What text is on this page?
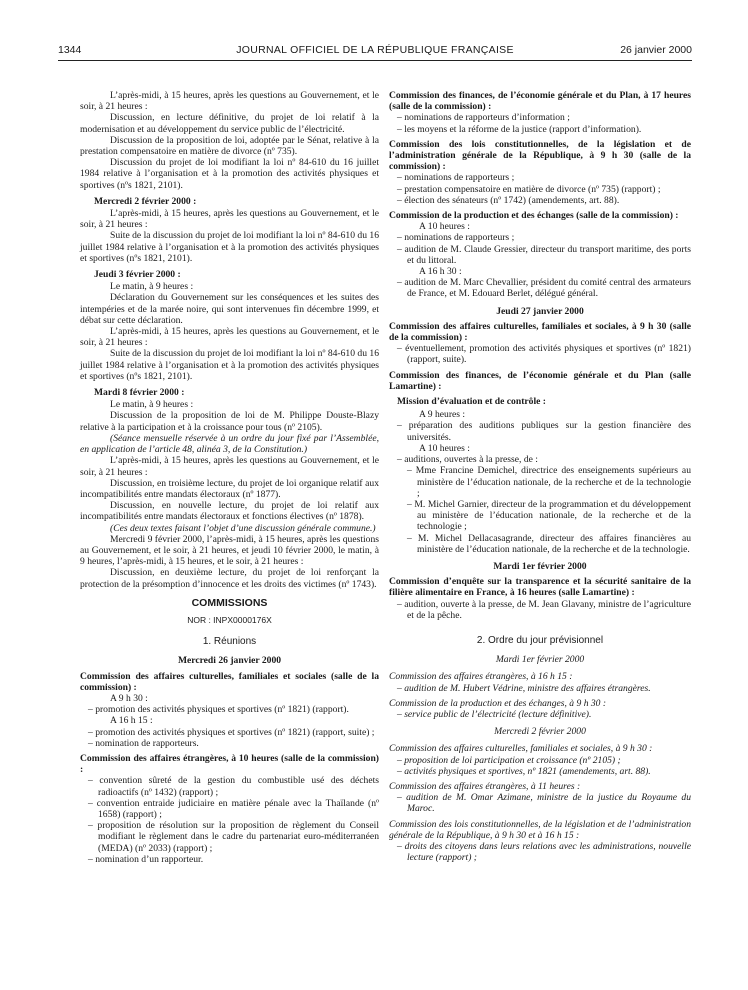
1344	JOURNAL OFFICIEL DE LA RÉPUBLIQUE FRANÇAISE	26 janvier 2000

L’après-midi, à 15 heures, après les questions au Gouvernement, et le soir, à 21 heures :

Discussion, en lecture définitive, du projet de loi relatif à la modernisation et au développement du service public de l’électricité.

Discussion de la proposition de loi, adoptée par le Sénat, relative à la prestation compensatoire en matière de divorce (nº 735).

Discussion du projet de loi modifiant la loi nº 84-610 du 16 juillet 1984 relative à l’organisation et à la promotion des activités physiques et sportives (nºs 1821, 2101).

Mercredi 2 février 2000 :

L’après-midi, à 15 heures, après les questions au Gouvernement, et le soir, à 21 heures :

Suite de la discussion du projet de loi modifiant la loi nº 84-610 du 16 juillet 1984 relative à l’organisation et à la promotion des activités physiques et sportives (nºs 1821, 2101).

Jeudi 3 février 2000 :

Le matin, à 9 heures :

Déclaration du Gouvernement sur les conséquences et les suites des intempéries et de la marée noire, qui sont intervenues fin décembre 1999, et débat sur cette déclaration.

L’après-midi, à 15 heures, après les questions au Gouvernement, et le soir, à 21 heures :

Suite de la discussion du projet de loi modifiant la loi nº 84-610 du 16 juillet 1984 relative à l’organisation et à la promotion des activités physiques et sportives (nºs 1821, 2101).

Mardi 8 février 2000 :

Le matin, à 9 heures :

Discussion de la proposition de loi de M. Philippe Douste-Blazy relative à la participation et à la croissance pour tous (nº 2105).

(Séance mensuelle réservée à un ordre du jour fixé par l’Assemblée, en application de l’article 48, alinéa 3, de la Constitution.)

L’après-midi, à 15 heures, après les questions au Gouvernement, et le soir, à 21 heures :

Discussion, en troisième lecture, du projet de loi organique relatif aux incompatibilités entre mandats électoraux (nº 1877).

Discussion, en nouvelle lecture, du projet de loi relatif aux incompatibilités entre mandats électoraux et fonctions électives (nº 1878).

(Ces deux textes faisant l’objet d’une discussion générale commune.)

Mercredi 9 février 2000, l’après-midi, à 15 heures, après les questions au Gouvernement, et le soir, à 21 heures, et jeudi 10 février 2000, le matin, à 9 heures, l’après-midi, à 15 heures, et le soir, à 21 heures :

Discussion, en deuxième lecture, du projet de loi renforçant la protection de la présomption d’innocence et les droits des victimes (nº 1743).

COMMISSIONS

NOR : INPX0000176X

1. Réunions

Mercredi 26 janvier 2000

Commission des affaires culturelles, familiales et sociales (salle de la commission) :

A 9 h 30 :

– promotion des activités physiques et sportives (nº 1821) (rapport).

A 16 h 15 :

– promotion des activités physiques et sportives (nº 1821) (rapport, suite) ;

– nomination de rapporteurs.

Commission des affaires étrangères, à 10 heures (salle de la commission) :

– convention sûreté de la gestion du combustible usé des déchets radioactifs (nº 1432) (rapport) ;

– convention entraide judiciaire en matière pénale avec la Thaïlande (nº 1658) (rapport) ;

– proposition de résolution sur la proposition de règlement du Conseil modifiant le règlement dans le cadre du partenariat euro-méditerranéen (MEDA) (nº 2033) (rapport) ;

– nomination d’un rapporteur.

Commission des finances, de l’économie générale et du Plan, à 17 heures (salle de la commission) :

– nominations de rapporteurs d’information ;

– les moyens et la réforme de la justice (rapport d’information).

Commission des lois constitutionnelles, de la législation et de l’administration générale de la République, à 9 h 30 (salle de la commission) :

– nominations de rapporteurs ;

– prestation compensatoire en matière de divorce (nº 735) (rapport) ;

– élection des sénateurs (nº 1742) (amendements, art. 88).

Commission de la production et des échanges (salle de la commission) :

A 10 heures :

– nominations de rapporteurs ;

– audition de M. Claude Gressier, directeur du transport maritime, des ports et du littoral.

A 16 h 30 :

– audition de M. Marc Chevallier, président du comité central des armateurs de France, et M. Edouard Berlet, délégué général.

Jeudi 27 janvier 2000

Commission des affaires culturelles, familiales et sociales, à 9 h 30 (salle de la commission) :

– éventuellement, promotion des activités physiques et sportives (nº 1821) (rapport, suite).

Commission des finances, de l’économie générale et du Plan (salle Lamartine) :

Mission d’évaluation et de contrôle :

A 9 heures :

– préparation des auditions publiques sur la gestion financière des universités.

A 10 heures :

– auditions, ouvertes à la presse, de :

– Mme Francine Demichel, directrice des enseignements supérieurs au ministère de l’éducation nationale, de la recherche et de la technologie ;

– M. Michel Garnier, directeur de la programmation et du développement au ministère de l’éducation nationale, de la recherche et de la technologie ;

– M. Michel Dellacasagrande, directeur des affaires financières au ministère de l’éducation nationale, de la recherche et de la technologie.

Mardi 1er février 2000

Commission d’enquête sur la transparence et la sécurité sanitaire de la filière alimentaire en France, à 16 heures (salle Lamartine) :

– audition, ouverte à la presse, de M. Jean Glavany, ministre de l’agriculture et de la pêche.

2. Ordre du jour prévisionnel

Mardi 1er février 2000

Commission des affaires étrangères, à 16 h 15 :

– audition de M. Hubert Védrine, ministre des affaires étrangères.

Commission de la production et des échanges, à 9 h 30 :

– service public de l’électricité (lecture définitive).

Mercredi 2 février 2000

Commission des affaires culturelles, familiales et sociales, à 9 h 30 :

– proposition de loi participation et croissance (nº 2105) ;

– activités physiques et sportives, nº 1821 (amendements, art. 88).

Commission des affaires étrangères, à 11 heures :

– audition de M. Omar Azimane, ministre de la justice du Royaume du Maroc.

Commission des lois constitutionnelles, de la législation et de l’administration générale de la République, à 9 h 30 et à 16 h 15 :

– droits des citoyens dans leurs relations avec les administrations, nouvelle lecture (rapport) ;
